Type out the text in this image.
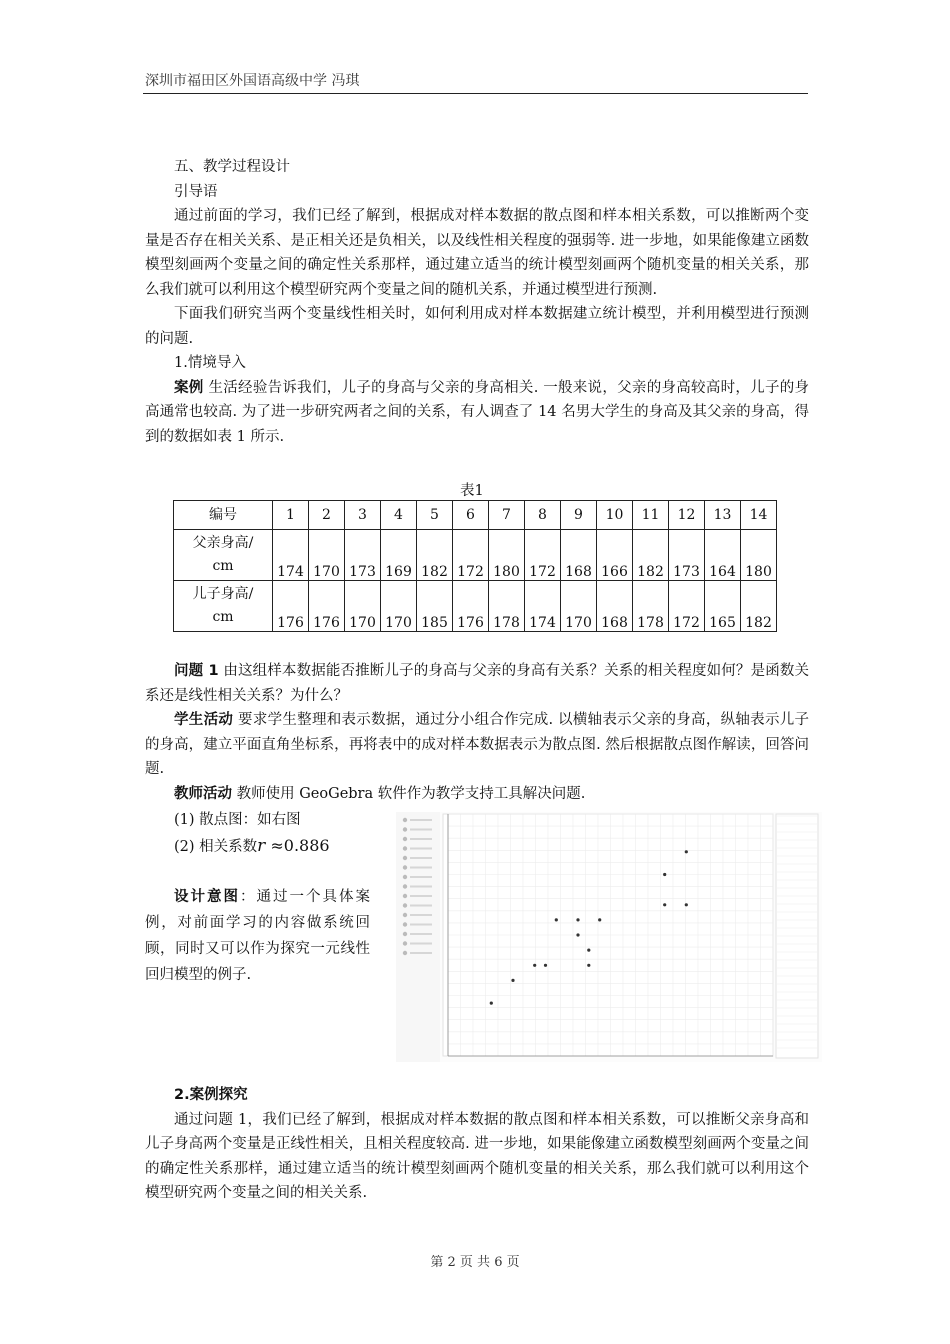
深圳市福田区外国语高级中学 冯琪

五、教学过程设计

引导语

通过前面的学习，我们已经了解到，根据成对样本数据的散点图和样本相关系数，可以推断两个变量是否存在相关关系、是正相关还是负相关，以及线性相关程度的强弱等. 进一步地，如果能像建立函数模型刻画两个变量之间的确定性关系那样，通过建立适当的统计模型刻画两个随机变量的相关关系，那么我们就可以利用这个模型研究两个变量之间的随机关系，并通过模型进行预测.

下面我们研究当两个变量线性相关时，如何利用成对样本数据建立统计模型，并利用模型进行预测的问题.

1.情境导入

案例 生活经验告诉我们，儿子的身高与父亲的身高相关. 一般来说，父亲的身高较高时，儿子的身高通常也较高. 为了进一步研究两者之间的关系，有人调查了 14 名男大学生的身高及其父亲的身高，得到的数据如表 1 所示.

表1
编号	1	2	3	4	5	6	7	8	9	10	11	12	13	14
父亲身高/
cm	174	170	173	169	182	172	180	172	168	166	182	173	164	180
儿子身高/
cm	176	176	170	170	185	176	178	174	170	168	178	172	165	182

问题 1 由这组样本数据能否推断儿子的身高与父亲的身高有关系？关系的相关程度如何？是函数关系还是线性相关关系？为什么？

学生活动 要求学生整理和表示数据，通过分小组合作完成. 以横轴表示父亲的身高，纵轴表示儿子的身高，建立平面直角坐标系，再将表中的成对样本数据表示为散点图. 然后根据散点图作解读，回答问题.

教师活动 教师使用 GeoGebra 软件作为教学支持工具解决问题.

(1) 散点图：如右图

(2) 相关系数r ≈0.886

设计意图：通过一个具体案例，对前面学习的内容做系统回顾，同时又可以作为探究一元线性回归模型的例子.

2.案例探究

通过问题 1，我们已经了解到，根据成对样本数据的散点图和样本相关系数，可以推断父亲身高和儿子身高两个变量是正线性相关，且相关程度较高. 进一步地，如果能像建立函数模型刻画两个变量之间的确定性关系那样，通过建立适当的统计模型刻画两个随机变量的相关关系，那么我们就可以利用这个模型研究两个变量之间的相关关系.

第 2 页 共 6 页
